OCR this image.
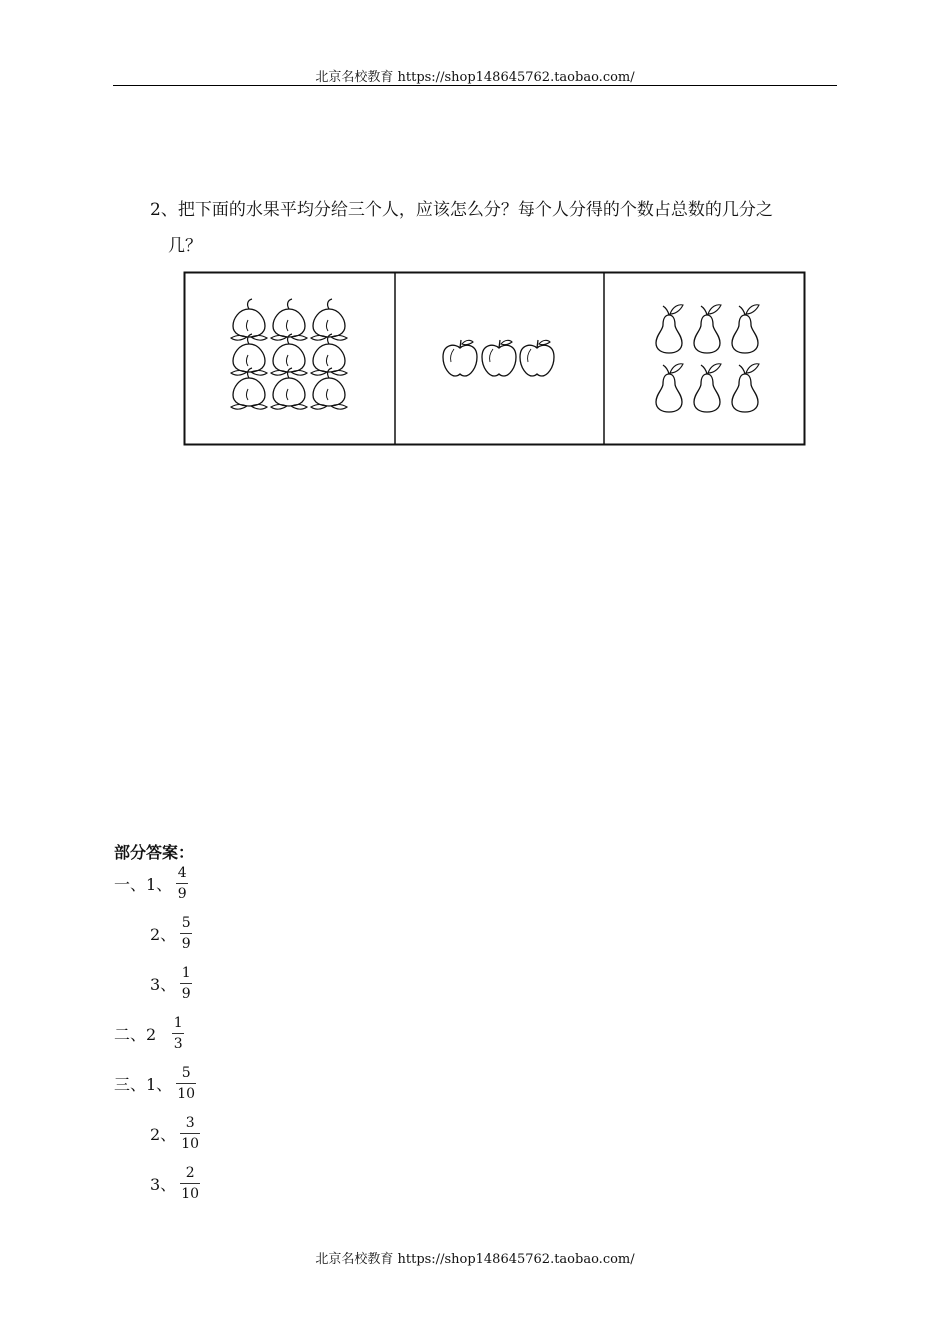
北京名校教育 https://shop148645762.taobao.com/
2、把下面的水果平均分给三个人，应该怎么分？每个人分得的个数占总数的几分之
几？
部分答案：
一、1、 $\frac{4}{9}$
2、 $\frac{5}{9}$
3、 $\frac{1}{9}$
二、$2 \frac{1}{3}$
三、1、 $\frac{5}{10}$
2、 $\frac{3}{10}$
3、 $\frac{2}{10}$
北京名校教育 https://shop148645762.taobao.com/
